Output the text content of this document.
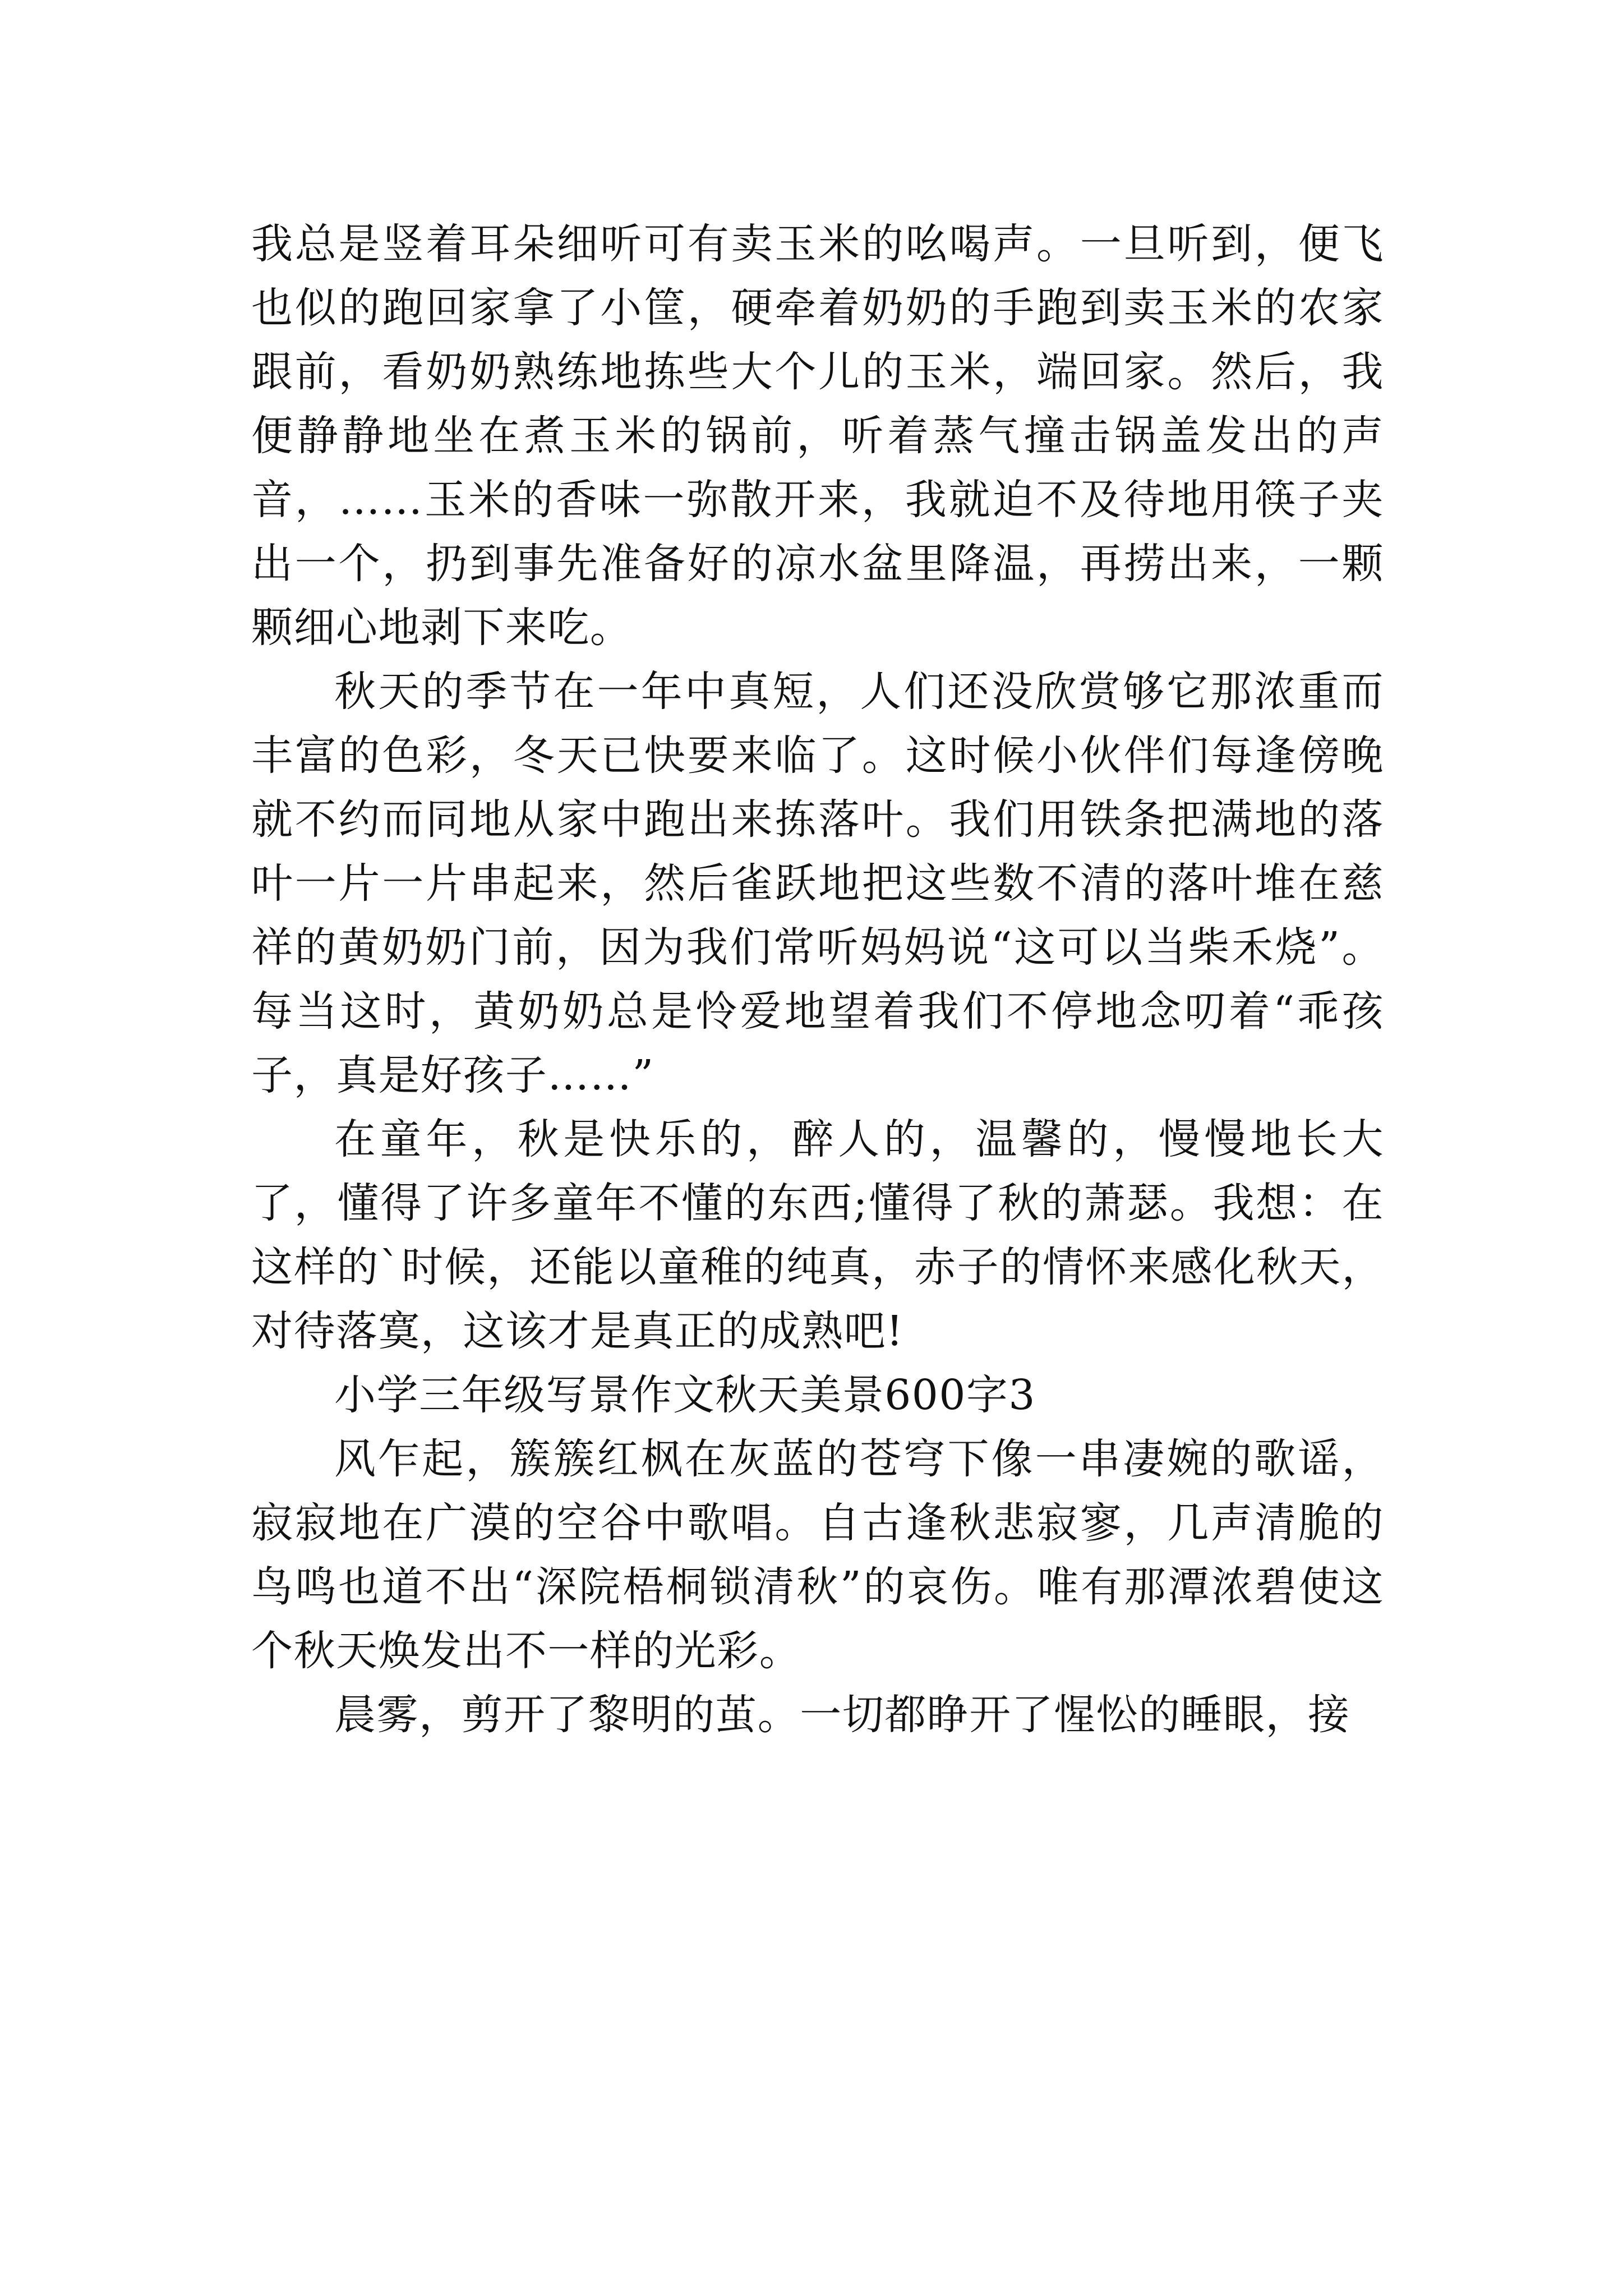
我总是竖着耳朵细听可有卖玉米的吆喝声。一旦听到，便飞也似的跑回家拿了小筐，硬牵着奶奶的手跑到卖玉米的农家跟前，看奶奶熟练地拣些大个儿的玉米，端回家。然后，我便静静地坐在煮玉米的锅前，听着蒸气撞击锅盖发出的声音，……玉米的香味一弥散开来，我就迫不及待地用筷子夹出一个，扔到事先准备好的凉水盆里降温，再捞出来，一颗颗细心地剥下来吃。

秋天的季节在一年中真短，人们还没欣赏够它那浓重而丰富的色彩，冬天已快要来临了。这时候小伙伴们每逢傍晚就不约而同地从家中跑出来拣落叶。我们用铁条把满地的落叶一片一片串起来，然后雀跃地把这些数不清的落叶堆在慈祥的黄奶奶门前，因为我们常听妈妈说“这可以当柴禾烧”。每当这时，黄奶奶总是怜爱地望着我们不停地念叨着“乖孩子，真是好孩子……”

在童年，秋是快乐的，醉人的，温馨的，慢慢地长大了，懂得了许多童年不懂的东西;懂得了秋的萧瑟。我想：在这样的`时候，还能以童稚的纯真，赤子的情怀来感化秋天，对待落寞，这该才是真正的成熟吧!

小学三年级写景作文秋天美景600字3

风乍起，簇簇红枫在灰蓝的苍穹下像一串凄婉的歌谣，寂寂地在广漠的空谷中歌唱。自古逢秋悲寂寥，几声清脆的鸟鸣也道不出“深院梧桐锁清秋”的哀伤。唯有那潭浓碧使这个秋天焕发出不一样的光彩。

晨雾，剪开了黎明的茧。一切都睁开了惺忪的睡眼，接
